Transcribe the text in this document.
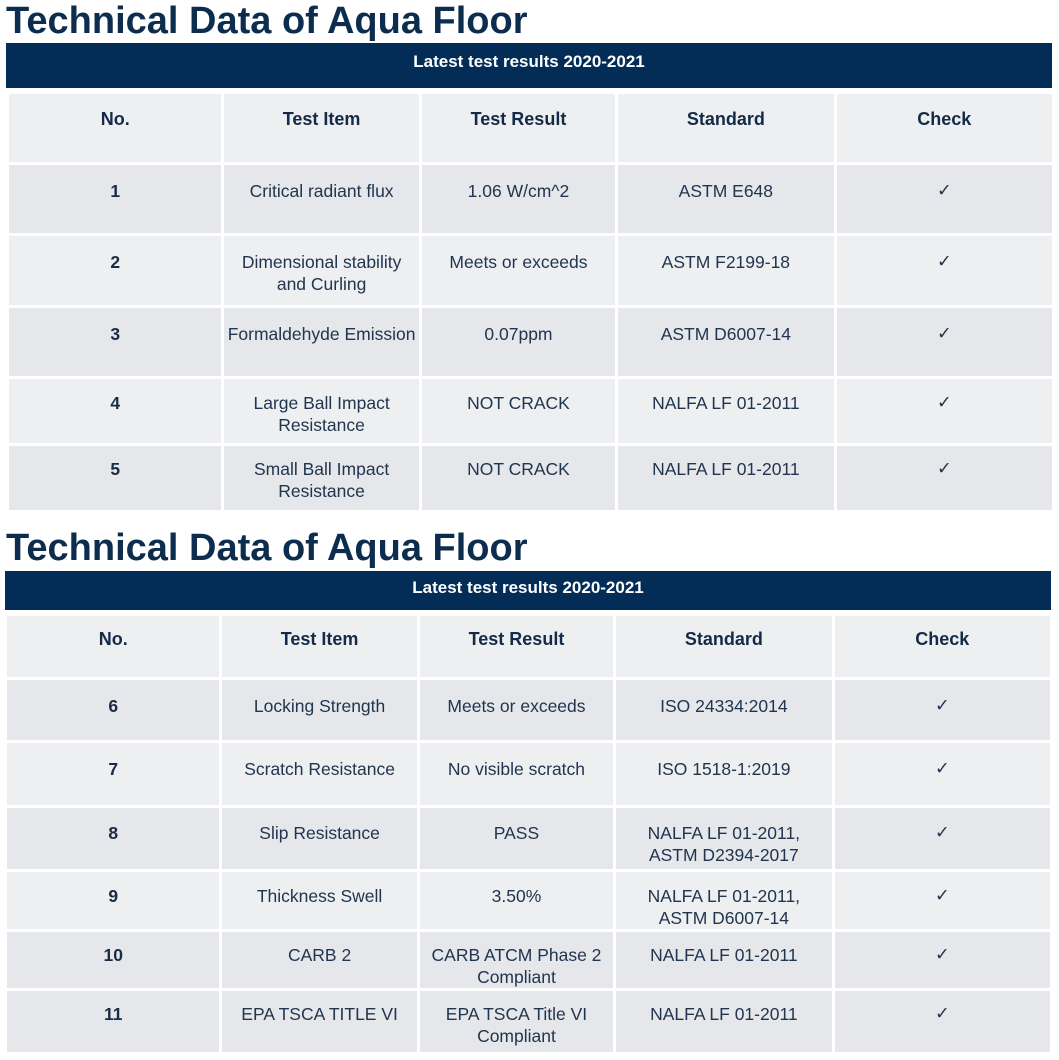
Technical Data of Aqua Floor
Latest test results 2020-2021
No.	Test Item	Test Result	Standard	Check
1	Critical radiant flux	1.06 W/cm^2	ASTM E648	✓
2	Dimensional stability and Curling	Meets or exceeds	ASTM F2199-18	✓
3	Formaldehyde Emission	0.07ppm	ASTM D6007-14	✓
4	Large Ball Impact Resistance	NOT CRACK	NALFA LF 01-2011	✓
5	Small Ball Impact Resistance	NOT CRACK	NALFA LF 01-2011	✓
Technical Data of Aqua Floor
Latest test results 2020-2021
No.	Test Item	Test Result	Standard	Check
6	Locking Strength	Meets or exceeds	ISO 24334:2014	✓
7	Scratch Resistance	No visible scratch	ISO 1518-1:2019	✓
8	Slip Resistance	PASS	NALFA LF 01-2011, ASTM D2394-2017	✓
9	Thickness Swell	3.50%	NALFA LF 01-2011, ASTM D6007-14	✓
10	CARB 2	CARB ATCM Phase 2 Compliant	NALFA LF 01-2011	✓
11	EPA TSCA TITLE VI	EPA TSCA Title VI Compliant	NALFA LF 01-2011	✓
